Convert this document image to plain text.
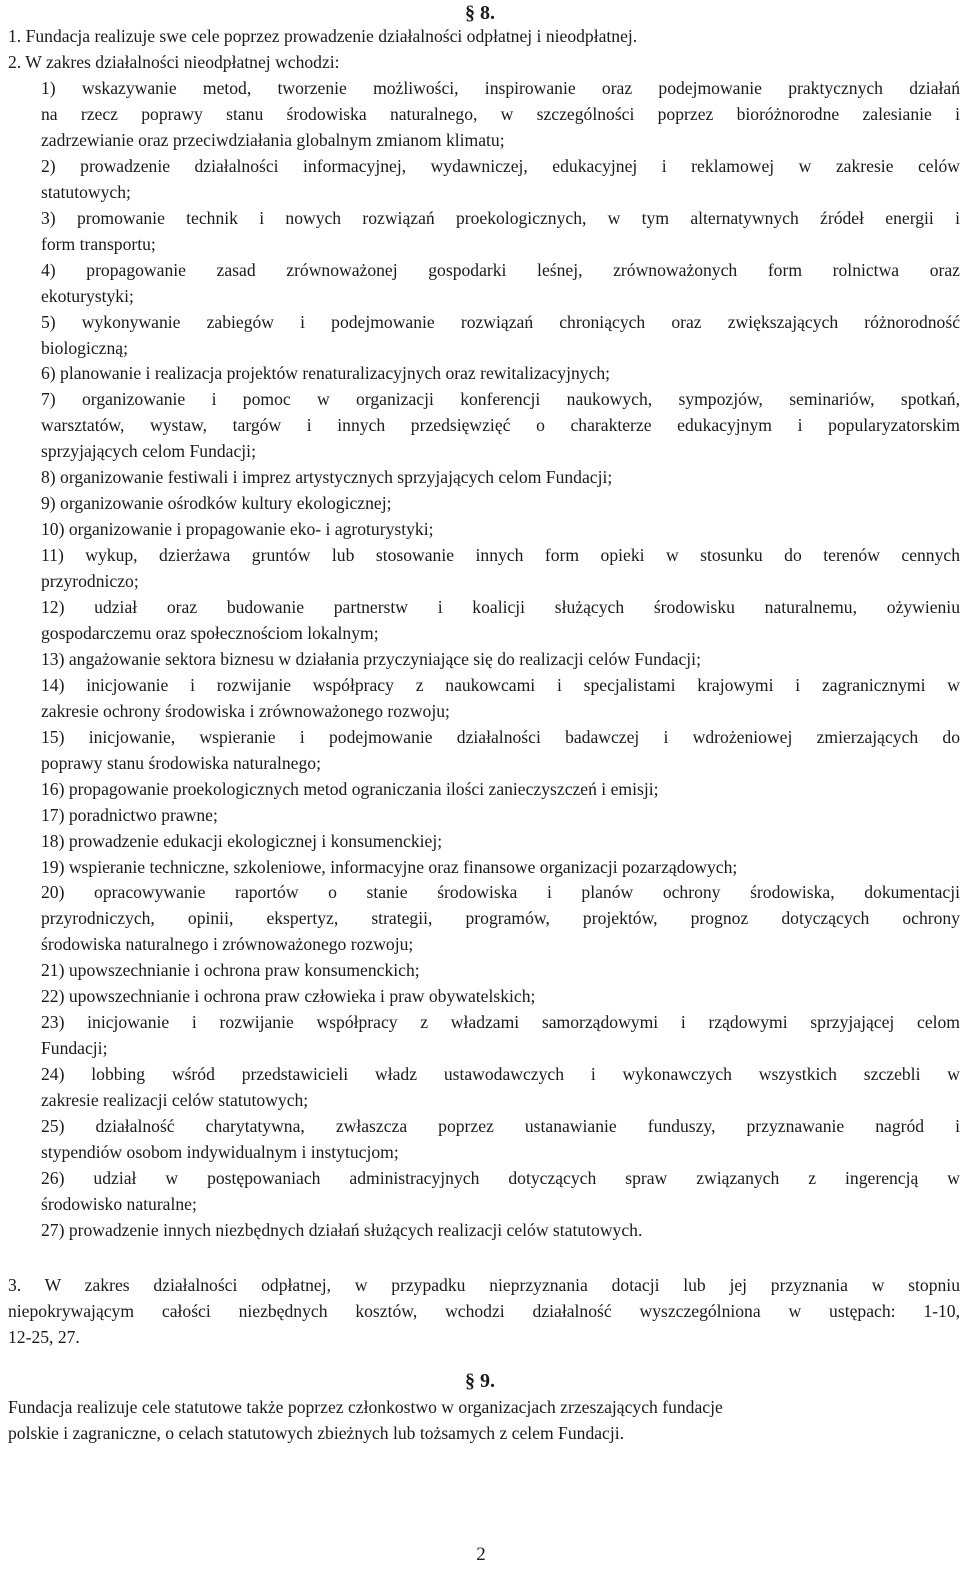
§ 8.
1. Fundacja realizuje swe cele poprzez prowadzenie działalności odpłatnej i nieodpłatnej.
2. W zakres działalności nieodpłatnej wchodzi:
1) wskazywanie metod, tworzenie możliwości, inspirowanie oraz podejmowanie praktycznych działań
na rzecz poprawy stanu środowiska naturalnego, w szczególności poprzez bioróżnorodne zalesianie i
zadrzewianie oraz przeciwdziałania globalnym zmianom klimatu;
2) prowadzenie działalności informacyjnej, wydawniczej, edukacyjnej i reklamowej w zakresie celów
statutowych;
3) promowanie technik i nowych rozwiązań proekologicznych, w tym alternatywnych źródeł energii i
form transportu;
4) propagowanie zasad zrównoważonej gospodarki leśnej, zrównoważonych form rolnictwa oraz
ekoturystyki;
5) wykonywanie zabiegów i podejmowanie rozwiązań chroniących oraz zwiększających różnorodność
biologiczną;
6) planowanie i realizacja projektów renaturalizacyjnych oraz rewitalizacyjnych;
7) organizowanie i pomoc w organizacji konferencji naukowych, sympozjów, seminariów, spotkań,
warsztatów, wystaw, targów i innych przedsięwzięć o charakterze edukacyjnym i popularyzatorskim
sprzyjających celom Fundacji;
8) organizowanie festiwali i imprez artystycznych sprzyjających celom Fundacji;
9) organizowanie ośrodków kultury ekologicznej;
10) organizowanie i propagowanie eko- i agroturystyki;
11) wykup, dzierżawa gruntów lub stosowanie innych form opieki w stosunku do terenów cennych
przyrodniczo;
12) udział oraz budowanie partnerstw i koalicji służących środowisku naturalnemu, ożywieniu
gospodarczemu oraz społecznościom lokalnym;
13) angażowanie sektora biznesu w działania przyczyniające się do realizacji celów Fundacji;
14) inicjowanie i rozwijanie współpracy z naukowcami i specjalistami krajowymi i zagranicznymi w
zakresie ochrony środowiska i zrównoważonego rozwoju;
15) inicjowanie, wspieranie i podejmowanie działalności badawczej i wdrożeniowej zmierzających do
poprawy stanu środowiska naturalnego;
16) propagowanie proekologicznych metod ograniczania ilości zanieczyszczeń i emisji;
17) poradnictwo prawne;
18) prowadzenie edukacji ekologicznej i konsumenckiej;
19) wspieranie techniczne, szkoleniowe, informacyjne oraz finansowe organizacji pozarządowych;
20) opracowywanie raportów o stanie środowiska i planów ochrony środowiska, dokumentacji
przyrodniczych, opinii, ekspertyz, strategii, programów, projektów, prognoz dotyczących ochrony
środowiska naturalnego i zrównoważonego rozwoju;
21) upowszechnianie i ochrona praw konsumenckich;
22) upowszechnianie i ochrona praw człowieka i praw obywatelskich;
23) inicjowanie i rozwijanie współpracy z władzami samorządowymi i rządowymi sprzyjającej celom
Fundacji;
24) lobbing wśród przedstawicieli władz ustawodawczych i wykonawczych wszystkich szczebli w
zakresie realizacji celów statutowych;
25) działalność charytatywna, zwłaszcza poprzez ustanawianie funduszy, przyznawanie nagród i
stypendiów osobom indywidualnym i instytucjom;
26) udział w postępowaniach administracyjnych dotyczących spraw związanych z ingerencją w
środowisko naturalne;
27) prowadzenie innych niezbędnych działań służących realizacji celów statutowych.
3. W zakres działalności odpłatnej, w przypadku nieprzyznania dotacji lub jej przyznania w stopniu
niepokrywającym całości niezbędnych kosztów, wchodzi działalność wyszczególniona w ustępach: 1-10,
12-25, 27.
§ 9.
Fundacja realizuje cele statutowe także poprzez członkostwo w organizacjach zrzeszających fundacje
polskie i zagraniczne, o celach statutowych zbieżnych lub tożsamych z celem Fundacji.
2
